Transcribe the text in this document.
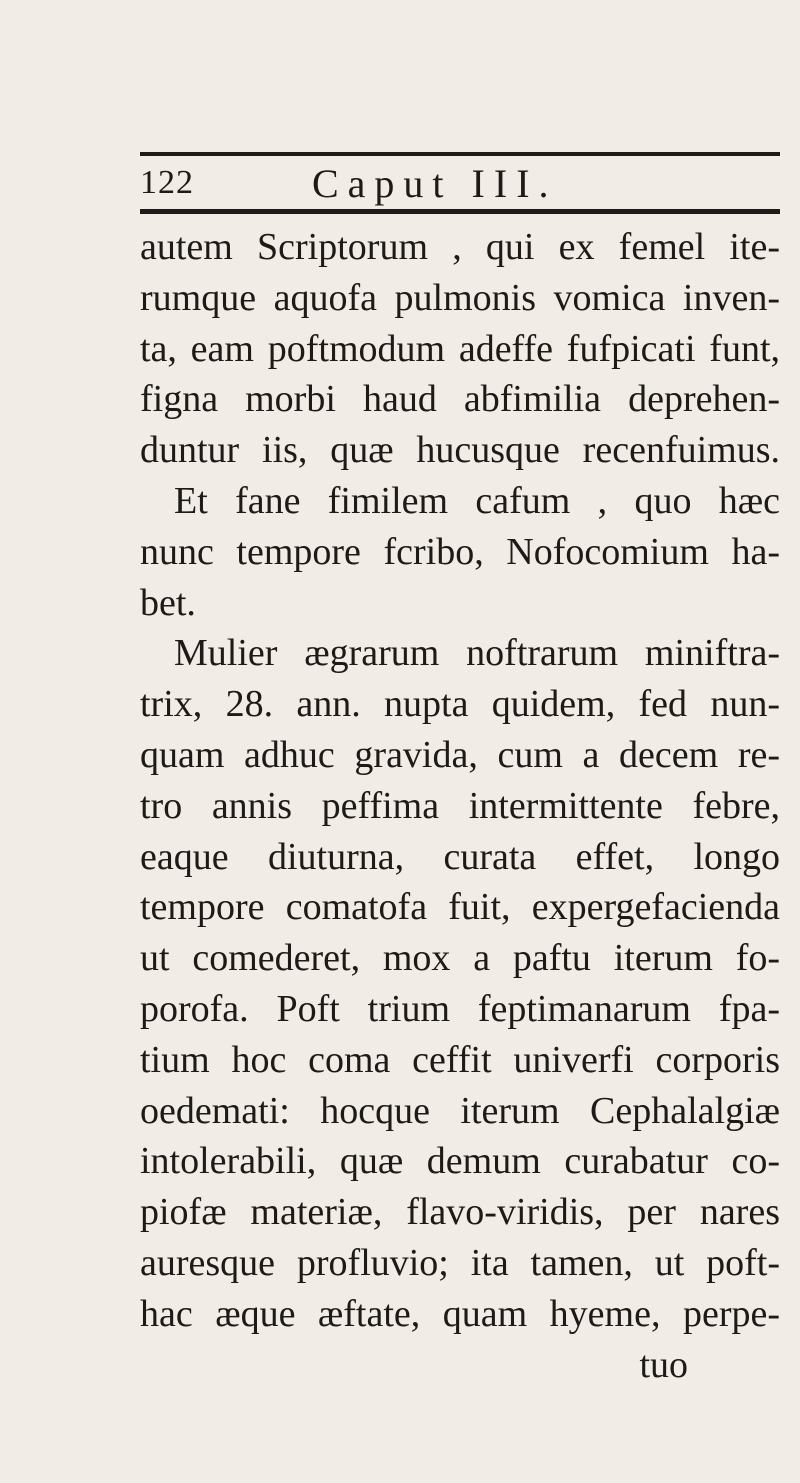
122	Caput III.
autem Scriptorum , qui ex femel ite-
rumque aquofa pulmonis vomica inven-
ta, eam poftmodum adeffe fufpicati funt,
figna morbi haud abfimilia deprehen-
duntur iis, quæ hucusque recenfuimus.
Et fane fimilem cafum , quo hæc
nunc tempore fcribo, Nofocomium ha-
bet.
Mulier ægrarum noftrarum miniftra-
trix, 28. ann. nupta quidem, fed nun-
quam adhuc gravida, cum a decem re-
tro annis peffima intermittente febre,
eaque diuturna, curata effet, longo
tempore comatofa fuit, expergefacienda
ut comederet, mox a paftu iterum fo-
porofa. Poft trium feptimanarum fpa-
tium hoc coma ceffit univerfi corporis
oedemati: hocque iterum Cephalalgiæ
intolerabili, quæ demum curabatur co-
piofæ materiæ, flavo-viridis, per nares
auresque profluvio; ita tamen, ut poft-
hac æque æftate, quam hyeme, perpe-
tuo
